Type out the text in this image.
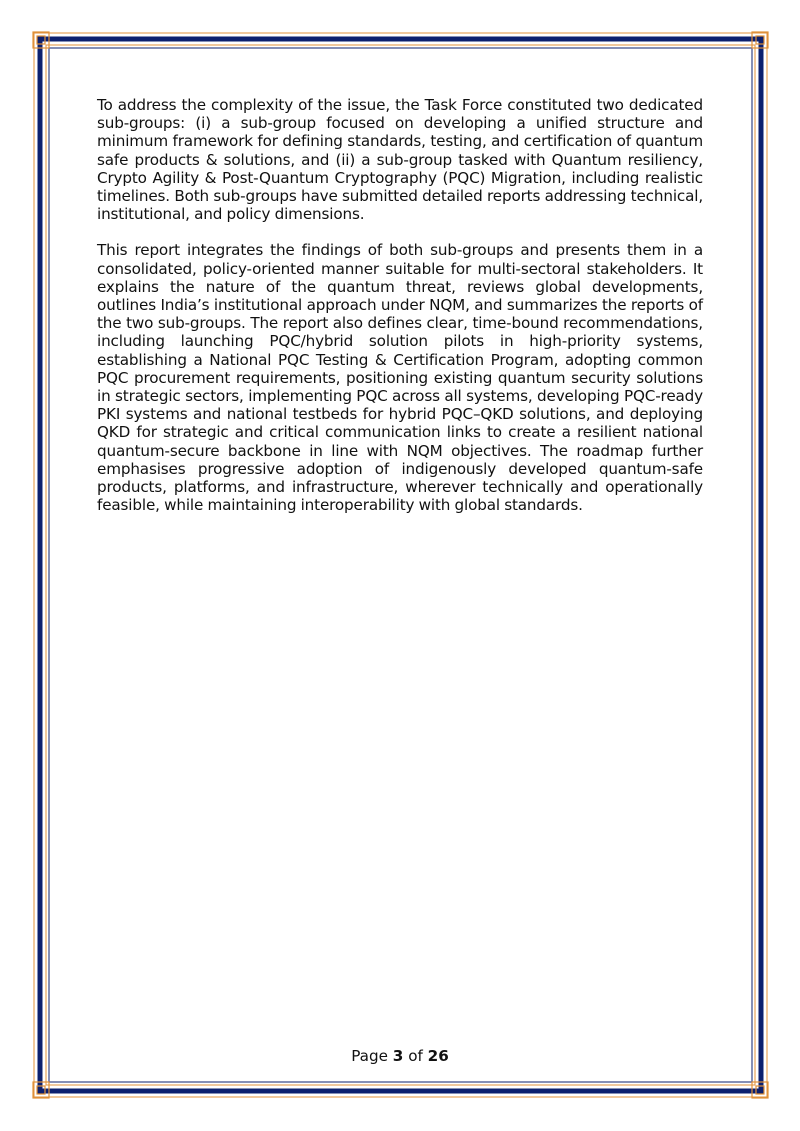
To address the complexity of the issue, the Task Force constituted two dedicated sub-groups: (i) a sub-group focused on developing a unified structure and minimum framework for defining standards, testing, and certification of quantum safe products & solutions, and (ii) a sub-group tasked with Quantum resiliency, Crypto Agility & Post-Quantum Cryptography (PQC) Migration, including realistic timelines. Both sub-groups have submitted detailed reports addressing technical, institutional, and policy dimensions.

This report integrates the findings of both sub-groups and presents them in a consolidated, policy-oriented manner suitable for multi-sectoral stakeholders. It explains the nature of the quantum threat, reviews global developments, outlines India’s institutional approach under NQM, and summarizes the reports of the two sub-groups. The report also defines clear, time-bound recommendations, including launching PQC/hybrid solution pilots in high-priority systems, establishing a National PQC Testing & Certification Program, adopting common PQC procurement requirements, positioning existing quantum security solutions in strategic sectors, implementing PQC across all systems, developing PQC-ready PKI systems and national testbeds for hybrid PQC–QKD solutions, and deploying QKD for strategic and critical communication links to create a resilient national quantum-secure backbone in line with NQM objectives. The roadmap further emphasises progressive adoption of indigenously developed quantum-safe products, platforms, and infrastructure, wherever technically and operationally feasible, while maintaining interoperability with global standards.

Page 3 of 26
